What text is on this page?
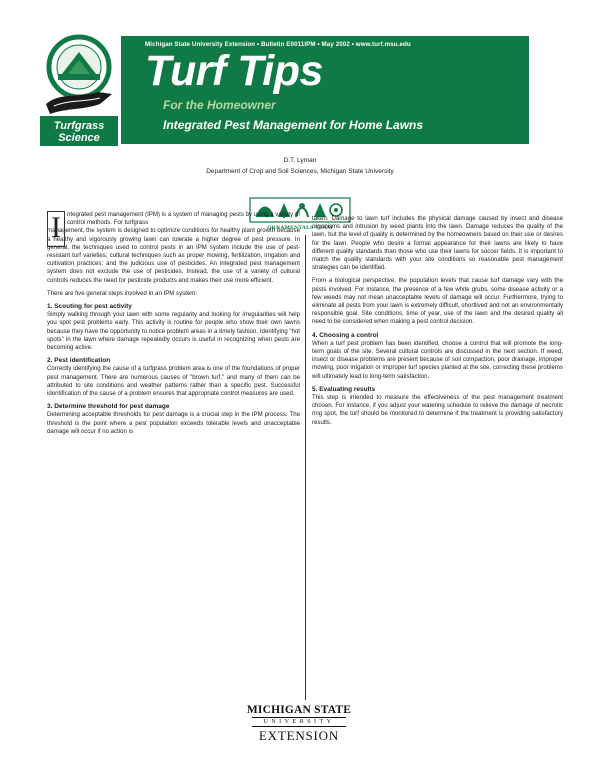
Turfgrass
Science
Michigan State University Extension • Bulletin E0011IPM • May 2002 • www.turf.msu.edu
Turf Tips
For the Homeowner
Integrated Pest Management for Home Lawns
D.T. Lyman
Department of Crop and Soil Sciences, Michigan State University
ORNAMENTALS TEAM
I ntegrated pest management (IPM) is a system of managing pests by using a variety of control methods. For turfgrass

management, the system is designed to optimize conditions for healthy plant growth because a healthy and vigorously growing lawn can tolerate a higher degree of pest pressure. In general, the techniques used to control pests in an IPM system include the use of pest-resistant turf varieties; cultural techniques such as proper mowing, fertilization, irrigation and cultivation practices; and the judicious use of pesticides. An integrated pest management system does not exclude the use of pesticides. Instead, the use of a variety of cultural controls reduces the need for pesticide products and makes their use more efficient.

There are five general steps involved in an IPM system:

1. Scouting for pest activity

Simply walking through your lawn with some regularity and looking for irregularities will help you spot pest problems early. This activity is routine for people who show their own lawns because they have the opportunity to notice problem areas in a timely fashion. Identifying "hot spots" in the lawn where damage repeatedly occurs is useful in recognizing when pests are becoming active.

2. Pest identification

Correctly identifying the cause of a turfgrass problem area is one of the foundations of proper pest management. There are numerous causes of "brown turf," and many of them can be attributed to site conditions and weather patterns rather than a specific pest. Successful identification of the cause of a problem ensures that appropriate control measures are used.

3. Determine threshold for pest damage

Determining acceptable thresholds for pest damage is a crucial step in the IPM process. The threshold is the point where a pest population exceeds tolerable levels and unacceptable damage will occur if no action is

taken. Damage to lawn turf includes the physical damage caused by insect and disease organisms and intrusion by weed plants into the lawn. Damage reduces the quality of the lawn, but the level of quality is determined by the homeowners based on their use or desires for the lawn. People who desire a formal appearance for their lawns are likely to have different quality standards than those who use their lawns for soccer fields. It is important to match the quality standards with your site conditions so reasonable pest management strategies can be identified.

From a biological perspective, the population levels that cause turf damage vary with the pests involved. For instance, the presence of a few white grubs, some disease activity or a few weeds may not mean unacceptable levels of damage will occur. Furthermore, trying to eliminate all pests from your lawn is extremely difficult, shortlived and not an environmentally responsible goal. Site conditions, time of year, use of the lawn and the desired quality all need to be considered when making a pest control decision.

4. Choosing a control

When a turf pest problem has been identified, choose a control that will promote the long-term goals of the site. Several cultural controls are discussed in the next section. If weed, insect or disease problems are present because of soil compaction, poor drainage, improper mowing, poor irrigation or improper turf species planted at the site, correcting these problems will ultimately lead to long-term satisfaction.

5. Evaluating results

This step is intended to measure the effectiveness of the pest management treatment chosen. For instance, if you adjust your watering schedule to relieve the damage of necrotic ring spot, the turf should be monitored to determine if the treatment is providing satisfactory results.

MICHIGAN STATE
UNIVERSITY
EXTENSION
